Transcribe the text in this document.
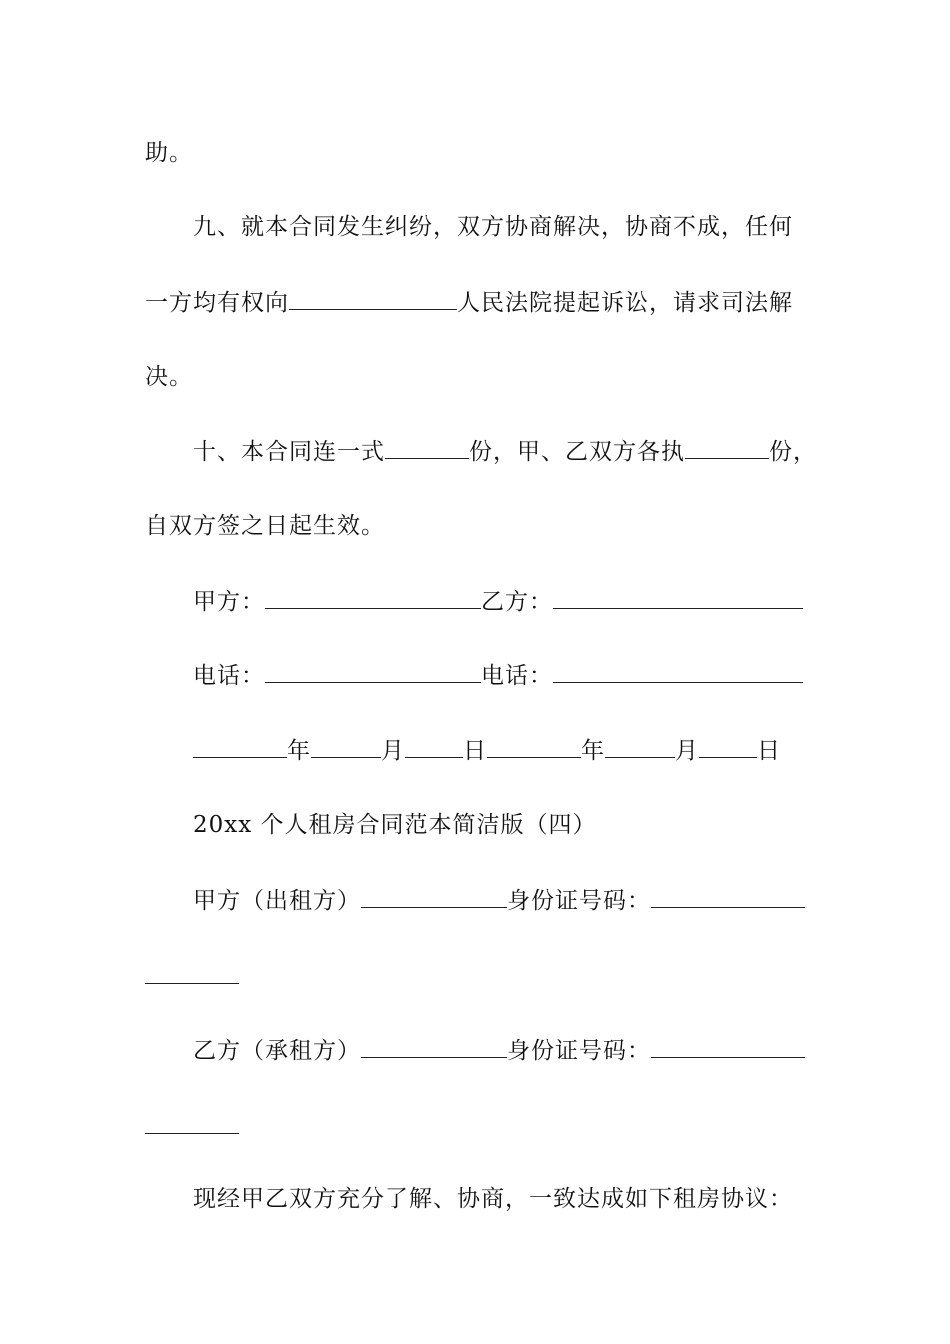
助。
九、就本合同发生纠纷，双方协商解决，协商不成，任何
一方均有权向	人民法院提起诉讼，请求司法解
决。
十、本合同连一式	份，甲、乙双方各执	份，
自双方签之日起生效。
甲方：	乙方：
电话：	电话：
年	月	日	年	月	日
20xx 个人租房合同范本简洁版（四）
甲方（出租方）	身份证号码：
乙方（承租方）	身份证号码：
现经甲乙双方充分了解、协商，一致达成如下租房协议：
